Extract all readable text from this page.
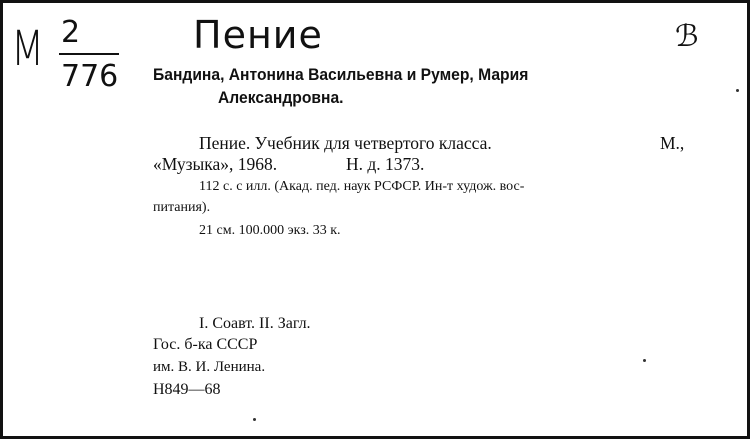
М 2
776
Пение	ℬ
Бандина, Антонина Васильевна и Румер, Мария
Александровна.
Пение. Учебник для четвертого класса.	М.,
«Музыка», 1968.	Н. д. 1373.
112 с. с илл. (Акад. пед. наук РСФСР. Ин-т худож. вос-
питания).
21 см. 100.000 экз. 33 к.
I. Соавт. II. Загл.
Гос. б-ка СССР
им. В. И. Ленина.
Н849—68
